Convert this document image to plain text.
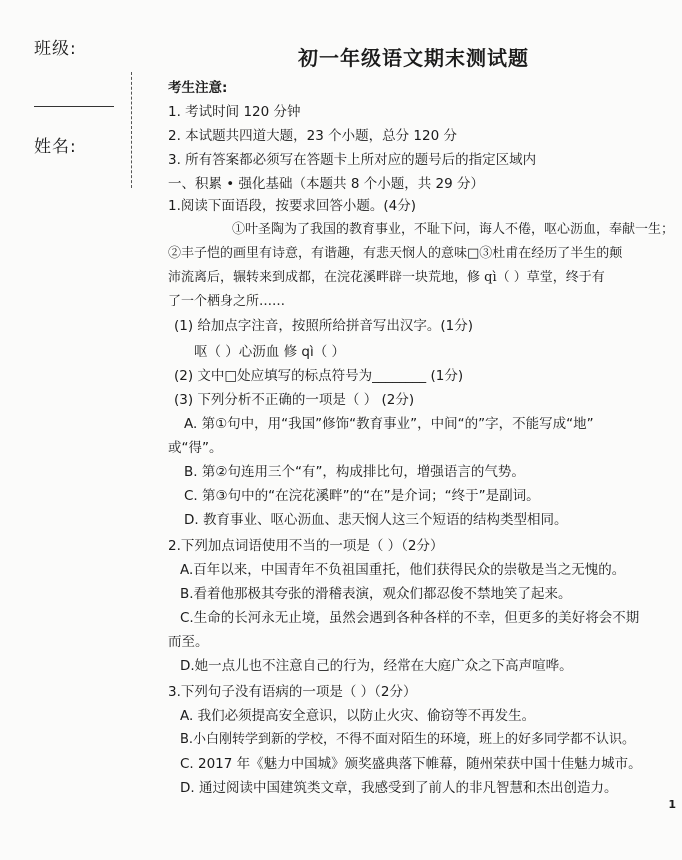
班级:
姓名:
初一年级语文期末测试题
考生注意:
1. 考试时间 120 分钟
2. 本试题共四道大题，23 个小题，总分 120 分
3. 所有答案都必须写在答题卡上所对应的题号后的指定区域内
一、积累 • 强化基础（本题共 8 个小题，共 29 分）
1.阅读下面语段，按要求回答小题。(4分)
①叶圣陶为了我国的教育事业，不耻下问，诲人不倦，呕心沥血，奉献一生；
②丰子恺的画里有诗意，有谐趣，有悲天悯人的意味□③杜甫在经历了半生的颠
沛流离后，辗转来到成都，在浣花溪畔辟一块荒地，修 qì（ ）草堂，终于有
了一个栖身之所……
(1) 给加点字注音，按照所给拼音写出汉字。(1分)
呕（ ）心沥血 修 qì（ ）
(2) 文中□处应填写的标点符号为________ (1分)
(3) 下列分析不正确的一项是（ ） (2分)
A. 第①句中，用“我国”修饰“教育事业”，中间“的”字，不能写成“地”
或“得”。
B. 第②句连用三个“有”，构成排比句，增强语言的气势。
C. 第③句中的“在浣花溪畔”的“在”是介词；“终于”是副词。
D. 教育事业、呕心沥血、悲天悯人这三个短语的结构类型相同。
2.下列加点词语使用不当的一项是（ ）（2分）
A.百年以来，中国青年不负祖国重托，他们获得民众的崇敬是当之无愧的。
B.看着他那极其夸张的滑稽表演，观众们都忍俊不禁地笑了起来。
C.生命的长河永无止境，虽然会遇到各种各样的不幸，但更多的美好将会不期
而至。
D.她一点儿也不注意自己的行为，经常在大庭广众之下高声喧哗。
3.下列句子没有语病的一项是（ ）（2分）
A. 我们必须提高安全意识，以防止火灾、偷窃等不再发生。
B.小白刚转学到新的学校，不得不面对陌生的环境，班上的好多同学都不认识。
C. 2017 年《魅力中国城》颁奖盛典落下帷幕，随州荣获中国十佳魅力城市。
D. 通过阅读中国建筑类文章，我感受到了前人的非凡智慧和杰出创造力。
1
